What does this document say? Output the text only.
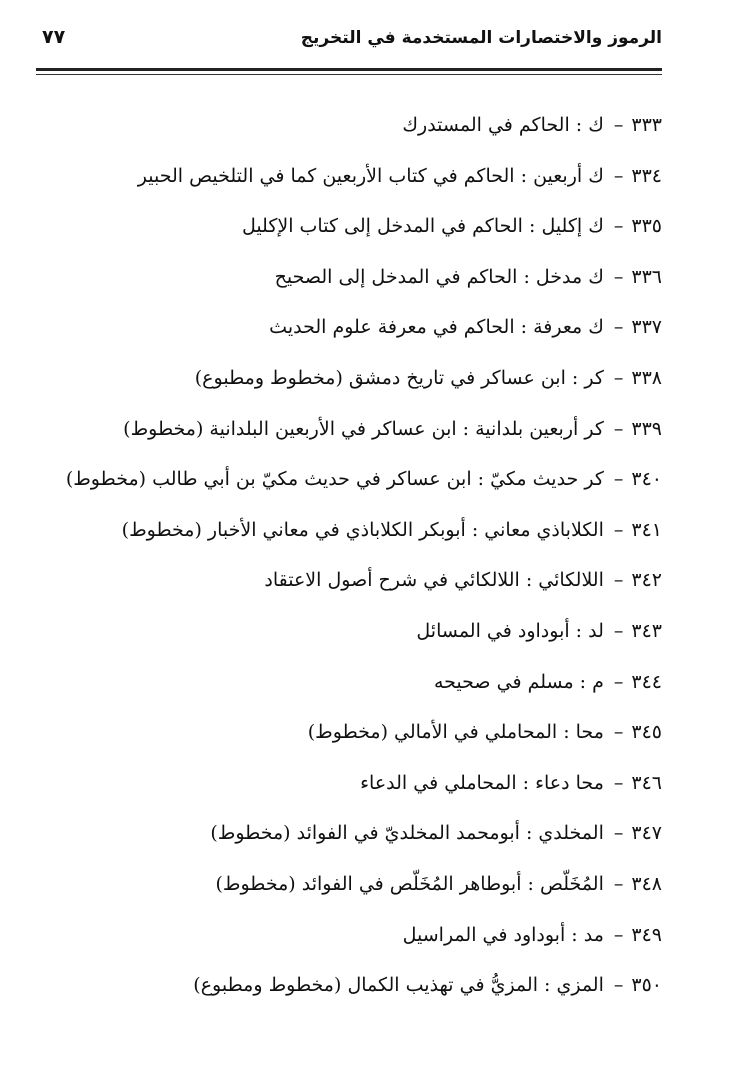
الرموز والاختصارات المستخدمة في التخريج
٧٧
٣٣٣–ك : الحاكم في المستدرك
٣٣٤–ك أربعين : الحاكم في كتاب الأربعين كما في التلخيص الحبير
٣٣٥–ك إكليل : الحاكم في المدخل إلى كتاب الإكليل
٣٣٦–ك مدخل : الحاكم في المدخل إلى الصحيح
٣٣٧–ك معرفة : الحاكم في معرفة علوم الحديث
٣٣٨–كر : ابن عساكر في تاريخ دمشق (مخطوط ومطبوع)
٣٣٩–كر أربعين بلدانية : ابن عساكر في الأربعين البلدانية (مخطوط)
٣٤٠–كر حديث مكيّ : ابن عساكر في حديث مكيّ بن أبي طالب (مخطوط)
٣٤١–الكلاباذي معاني : أبوبكر الكلاباذي في معاني الأخبار (مخطوط)
٣٤٢–اللالكائي : اللالكائي في شرح أصول الاعتقاد
٣٤٣–لد : أبوداود في المسائل
٣٤٤–م : مسلم في صحيحه
٣٤٥–محا : المحاملي في الأمالي (مخطوط)
٣٤٦–محا دعاء : المحاملي في الدعاء
٣٤٧–المخلدي : أبومحمد المخلديّ في الفوائد (مخطوط)
٣٤٨–المُخَلّص : أبوطاهر المُخَلّص في الفوائد (مخطوط)
٣٤٩–مد : أبوداود في المراسيل
٣٥٠–المزي : المزيُّ في تهذيب الكمال (مخطوط ومطبوع)
